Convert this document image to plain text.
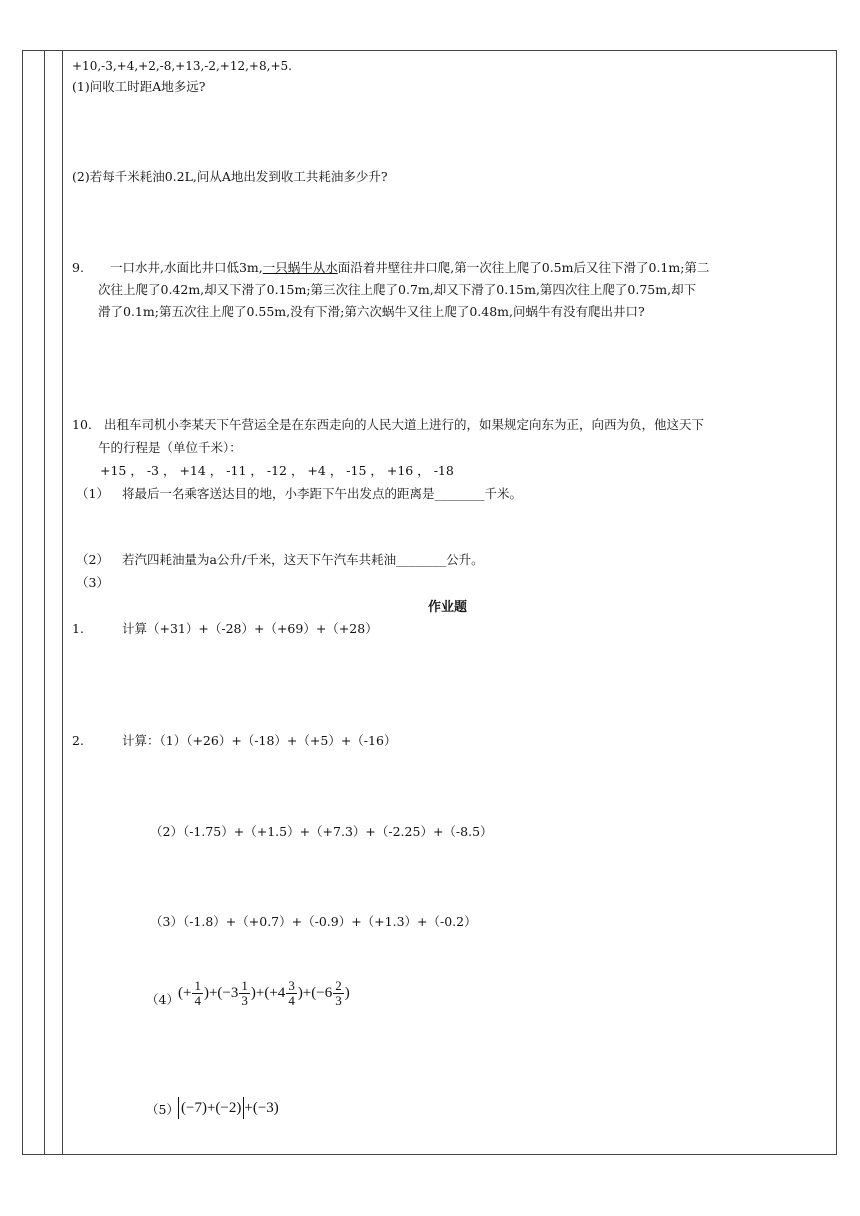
+10,-3,+4,+2,-8,+13,-2,+12,+8,+5.
(1)问收工时距A地多远?
(2)若每千米耗油0.2L,问从A地出发到收工共耗油多少升?
9. 一口水井,水面比井口低3m,一只蜗牛从水面沿着井壁往井口爬,第一次往上爬了0.5m后又往下滑了0.1m;第二
次往上爬了0.42m,却又下滑了0.15m;第三次往上爬了0.7m,却又下滑了0.15m,第四次往上爬了0.75m,却下
滑了0.1m;第五次往上爬了0.55m,没有下滑;第六次蜗牛又往上爬了0.48m,问蜗牛有没有爬出井口?
10. 出租车司机小李某天下午营运全是在东西走向的人民大道上进行的，如果规定向东为正，向西为负，他这天下
午的行程是（单位千米）：
+15 ， -3 ， +14 ， -11 ， -12 ， +4 ， -15 ， +16 ， -18
（1） 将最后一名乘客送达目的地，小李距下午出发点的距离是________千米。
（2） 若汽四耗油量为a公升/千米，这天下午汽车共耗油________公升。
（3）
作业题
1.	计算（+31）+（-28）+（+69）+（+28）
2.	计算：（1）（+26）+（-18）+（+5）+（-16）
（2）（-1.75）+（+1.5）+（+7.3）+（-2.25）+（-8.5）
（3）（-1.8）+（+0.7）+（-0.9）+（+1.3）+（-0.2）
（4） (+ $\frac{1}{4} )+(-3 \frac{1}{3} )+(+4 \frac{3}{4} )+(-6 \frac{2}{3}$ )
（5） (−7)+(−2) +(−3)
